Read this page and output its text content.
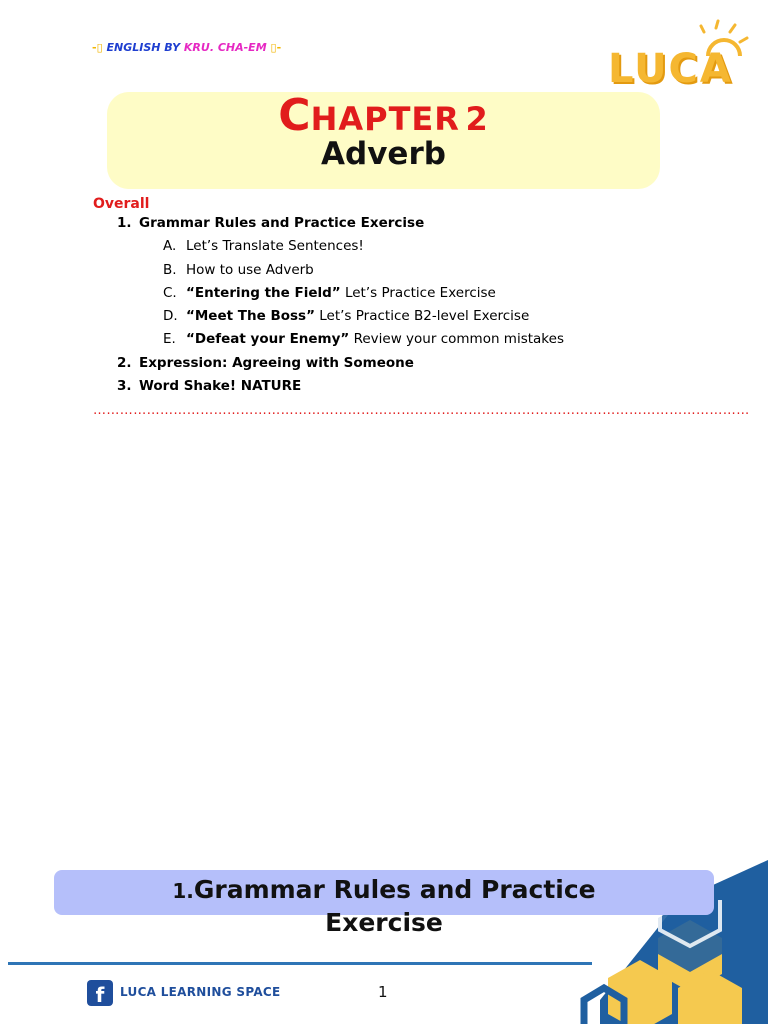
-▯ ENGLISH BY KRU. CHA-EM ▯-	LUCA
CHAPTER 2
Adverb
Overall
1. Grammar Rules and Practice Exercise
A. Let’s Translate Sentences!
B. How to use Adverb
C. “Entering the Field” Let’s Practice Exercise
D. “Meet The Boss” Let’s Practice B2-level Exercise
E. “Defeat your Enemy” Review your common mistakes
2. Expression: Agreeing with Someone
3. Word Shake! NATURE
…………………………………………………………………………………………………………………………………
1.Grammar Rules and Practice Exercise
f	LUCA LEARNING SPACE	1
